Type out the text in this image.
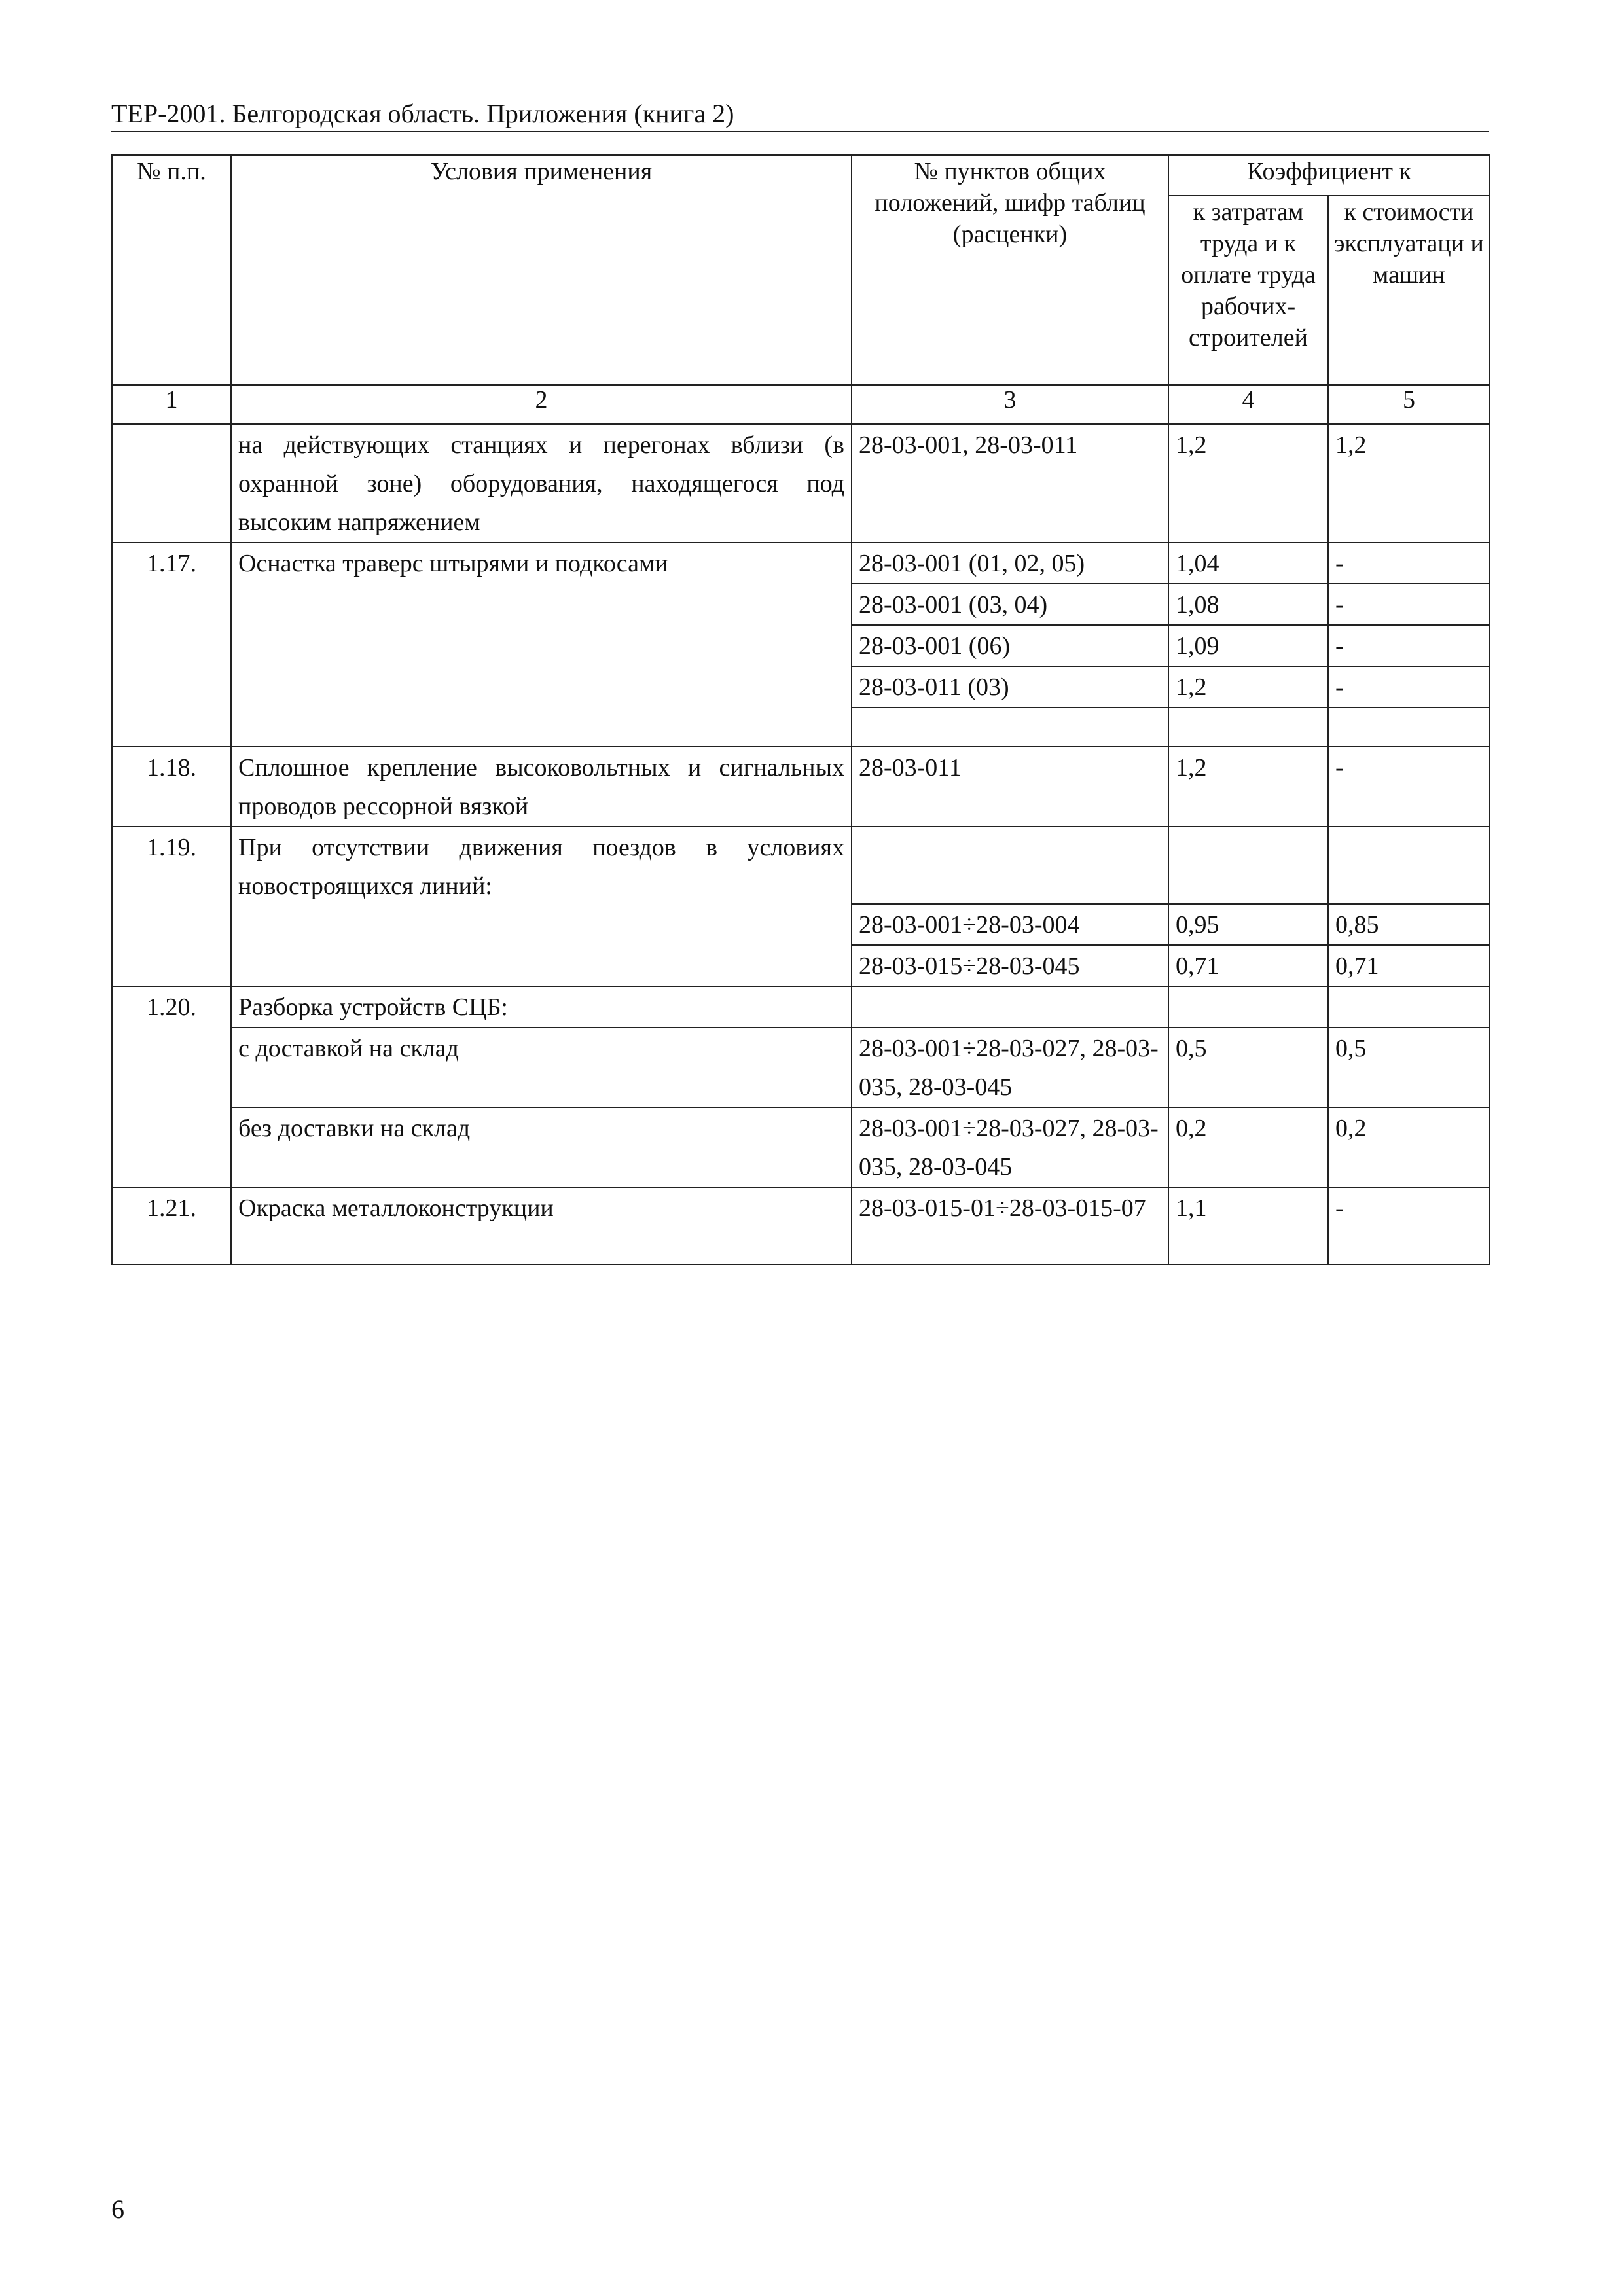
ТЕР-2001. Белгородская область. Приложения (книга 2)
№ п.п.	Условия применения	№ пунктов общих положений, шифр таблиц (расценки)	Коэффициент к	

			к затратам труда и к оплате труда рабочих-строителей	к стоимости эксплуатаци и машин

1	2	3	4	5

	на действующих станциях и перегонах вблизи (в охранной зоне) оборудования, находящегося под высоким напряжением	28-03-001, 28-03-011	1,2	1,2

1.17.	Оснастка траверс штырями и подкосами	28-03-001 (01, 02, 05)	1,04	-

		28-03-001 (03, 04)	1,08	-

		28-03-001 (06)	1,09	-

		28-03-011 (03)	1,2	-

1.18.	Сплошное крепление высоковольтных и сигнальных проводов рессорной вязкой	28-03-011	1,2	-

1.19.	При отсутствии движения поездов в условиях новостроящихся линий:			

		28-03-001÷28-03-004	0,95	0,85

		28-03-015÷28-03-045	0,71	0,71

1.20.	Разборка устройств СЦБ:			

	с доставкой на склад	28-03-001÷28-03-027, 28-03-035, 28-03-045	0,5	0,5

	без доставки на склад	28-03-001÷28-03-027, 28-03-035, 28-03-045	0,2	0,2

1.21.	Окраска металлоконструкции	28-03-015-01÷28-03-015-07	1,1	-
6
